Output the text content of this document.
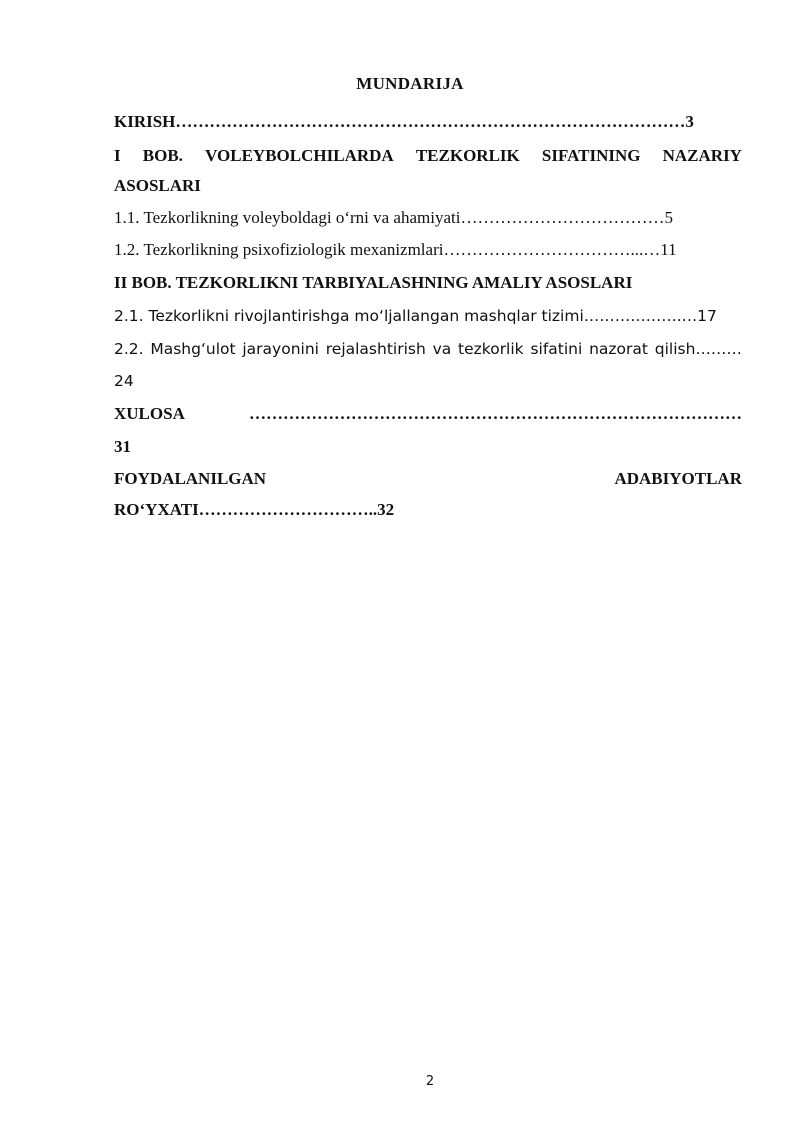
MUNDARIJA
KIRISH………………………………………………………………………………3
I BOB. VOLEYBOLCHILARDA TEZKORLIK SIFATINING NAZARIY
ASOSLARI
1.1. Tezkorlikning voleyboldagi o‘rni va ahamiyati………………………………5
1.2. Tezkorlikning psixofiziologik mexanizmlari……………………………...…11
II BOB. TEZKORLIKNI TARBIYALASHNING AMALIY ASOSLARI
2.1. Tezkorlikni rivojlantirishga mo‘ljallangan mashqlar tizimi……………….…17
2.2. Mashg‘ulot jarayonini rejalashtirish va tezkorlik sifatini nazorat qilish………
24
XULOSA	……………………………………………………………………………
31
FOYDALANILGAN	ADABIYOTLAR
RO‘YXATI…………………………..32
2
